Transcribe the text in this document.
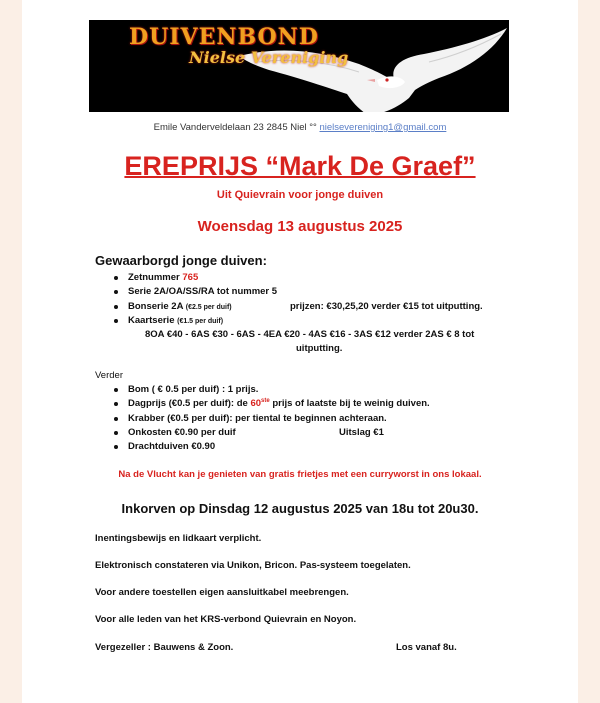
DUIVENBOND
Nielse Vereniging
Emile Vanderveldelaan 23 2845 Niel °° nielsevereniging1@gmail.com
EREPRIJS “Mark De Graef”
Uit Quievrain voor jonge duiven
Woensdag 13 augustus 2025
Gewaarborgd jonge duiven:
Zetnummer 765
Serie 2A/OA/SS/RA tot nummer 5
Bonserie 2A (€2.5 per duif)
Kaartserie (€1.5 per duif)
prijzen: €30,25,20 verder €15 tot uitputting.
8OA €40 - 6AS €30 - 6AS - 4EA €20 - 4AS €16 - 3AS €12 verder 2AS € 8 tot
uitputting.
Verder
Bom ( € 0.5 per duif) : 1 prijs.
Dagprijs (€0.5 per duif): de 60ste prijs of laatste bij te weinig duiven.
Krabber (€0.5 per duif): per tiental te beginnen achteraan.
Onkosten €0.90 per duif
Drachtduiven €0.90
Uitslag €1
Na de Vlucht kan je genieten van gratis frietjes met een curryworst in ons lokaal.
Inkorven op Dinsdag 12 augustus 2025 van 18u tot 20u30.
Inentingsbewijs en lidkaart verplicht.
Elektronisch constateren via Unikon, Bricon. Pas-systeem toegelaten.
Voor andere toestellen eigen aansluitkabel meebrengen.
Voor alle leden van het KRS-verbond Quievrain en Noyon.
Vergezeller : Bauwens & Zoon.	Los vanaf 8u.
